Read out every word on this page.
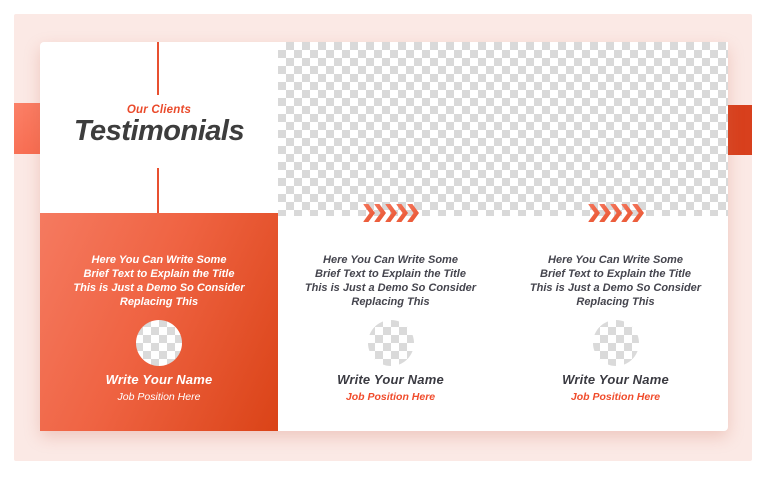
Our Clients
Testimonials

Here You Can Write Some
Brief Text to Explain the Title
This is Just a Demo So Consider
Replacing This

Write Your Name
Job Position Here

Here You Can Write Some
Brief Text to Explain the Title
This is Just a Demo So Consider
Replacing This

Write Your Name
Job Position Here

Here You Can Write Some
Brief Text to Explain the Title
This is Just a Demo So Consider
Replacing This

Write Your Name
Job Position Here
